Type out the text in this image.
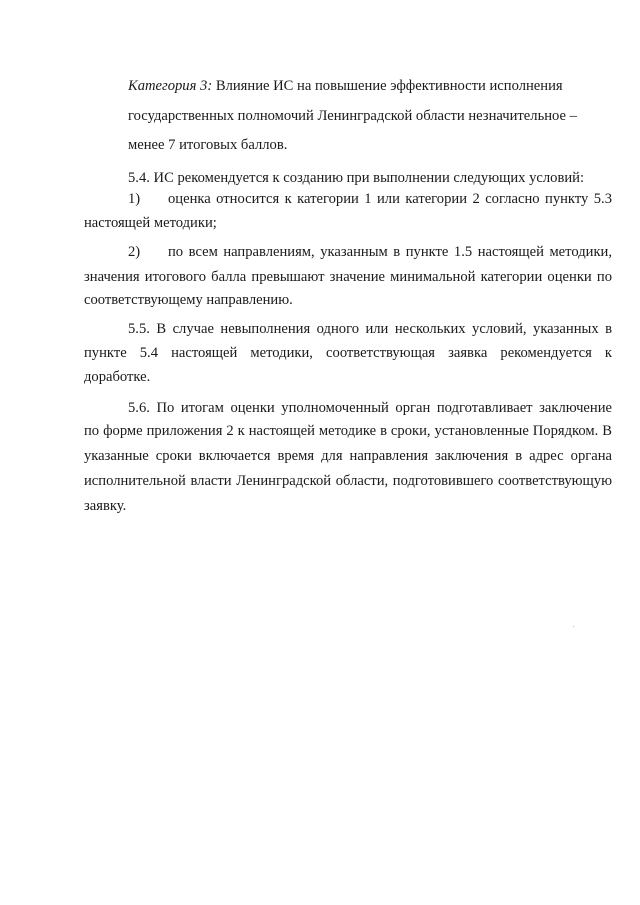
Категория 3: Влияние ИС на повышение эффективности исполнения
государственных полномочий Ленинградской области незначительное –
менее 7 итоговых баллов.
5.4. ИС рекомендуется к созданию при выполнении следующих условий:
1) оценка относится к категории 1 или категории 2 согласно пункту 5.3
настоящей методики;
2) по всем направлениям, указанным в пункте 1.5 настоящей методики,
значения итогового балла превышают значение минимальной категории оценки по
соответствующему направлению.
5.5. В случае невыполнения одного или нескольких условий, указанных в
пункте 5.4 настоящей методики, соответствующая заявка рекомендуется к
доработке.
5.6. По итогам оценки уполномоченный орган подготавливает заключение
по форме приложения 2 к настоящей методике в сроки, установленные Порядком. В
указанные сроки включается время для направления заключения в адрес органа
исполнительной власти Ленинградской области, подготовившего соответствующую
заявку.
